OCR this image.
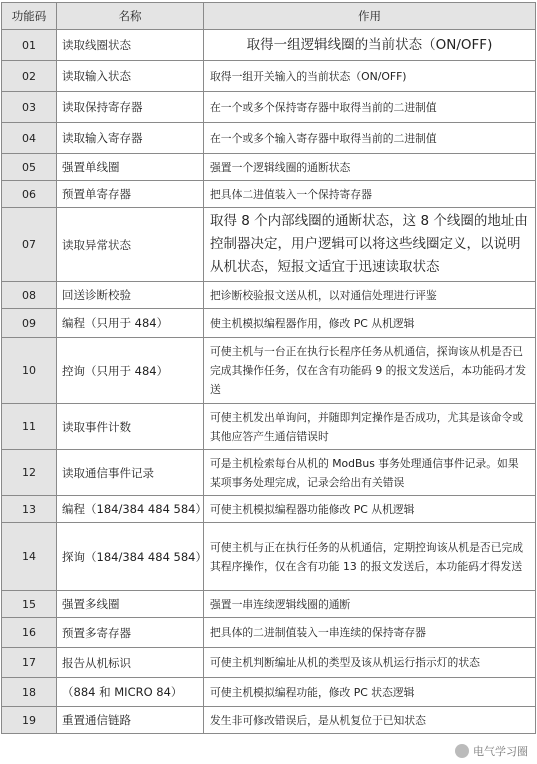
功能码	名称	作用
01	读取线圈状态	取得一组逻辑线圈的当前状态（ON/OFF)
02	读取输入状态	取得一组开关输入的当前状态（ON/OFF)
03	读取保持寄存器	在一个或多个保持寄存器中取得当前的二进制值
04	读取输入寄存器	在一个或多个输入寄存器中取得当前的二进制值
05	强置单线圈	强置一个逻辑线圈的通断状态
06	预置单寄存器	把具体二进值装入一个保持寄存器
07	读取异常状态	取得 8 个内部线圈的通断状态，这 8 个线圈的地址由控制器决定，用户逻辑可以将这些线圈定义，以说明从机状态，短报文适宜于迅速读取状态
08	回送诊断校验	把诊断校验报文送从机，以对通信处理进行评鉴
09	编程（只用于 484）	使主机模拟编程器作用，修改 PC 从机逻辑
10	控询（只用于 484）	可使主机与一台正在执行长程序任务从机通信，探询该从机是否已完成其操作任务，仅在含有功能码 9 的报文发送后，本功能码才发送
11	读取事件计数	可使主机发出单询问，并随即判定操作是否成功，尤其是该命令或其他应答产生通信错误时
12	读取通信事件记录	可是主机检索每台从机的 ModBus 事务处理通信事件记录。如果某项事务处理完成，记录会给出有关错误
13	编程（184/384 484 584）	可使主机模拟编程器功能修改 PC 从机逻辑
14	探询（184/384 484 584）	可使主机与正在执行任务的从机通信，定期控询该从机是否已完成其程序操作，仅在含有功能 13 的报文发送后，本功能码才得发送
15	强置多线圈	强置一串连续逻辑线圈的通断
16	预置多寄存器	把具体的二进制值装入一串连续的保持寄存器
17	报告从机标识	可使主机判断编址从机的类型及该从机运行指示灯的状态
18	（884 和 MICRO 84）	可使主机模拟编程功能，修改 PC 状态逻辑
19	重置通信链路	发生非可修改错误后，是从机复位于已知状态
电气学习圈
